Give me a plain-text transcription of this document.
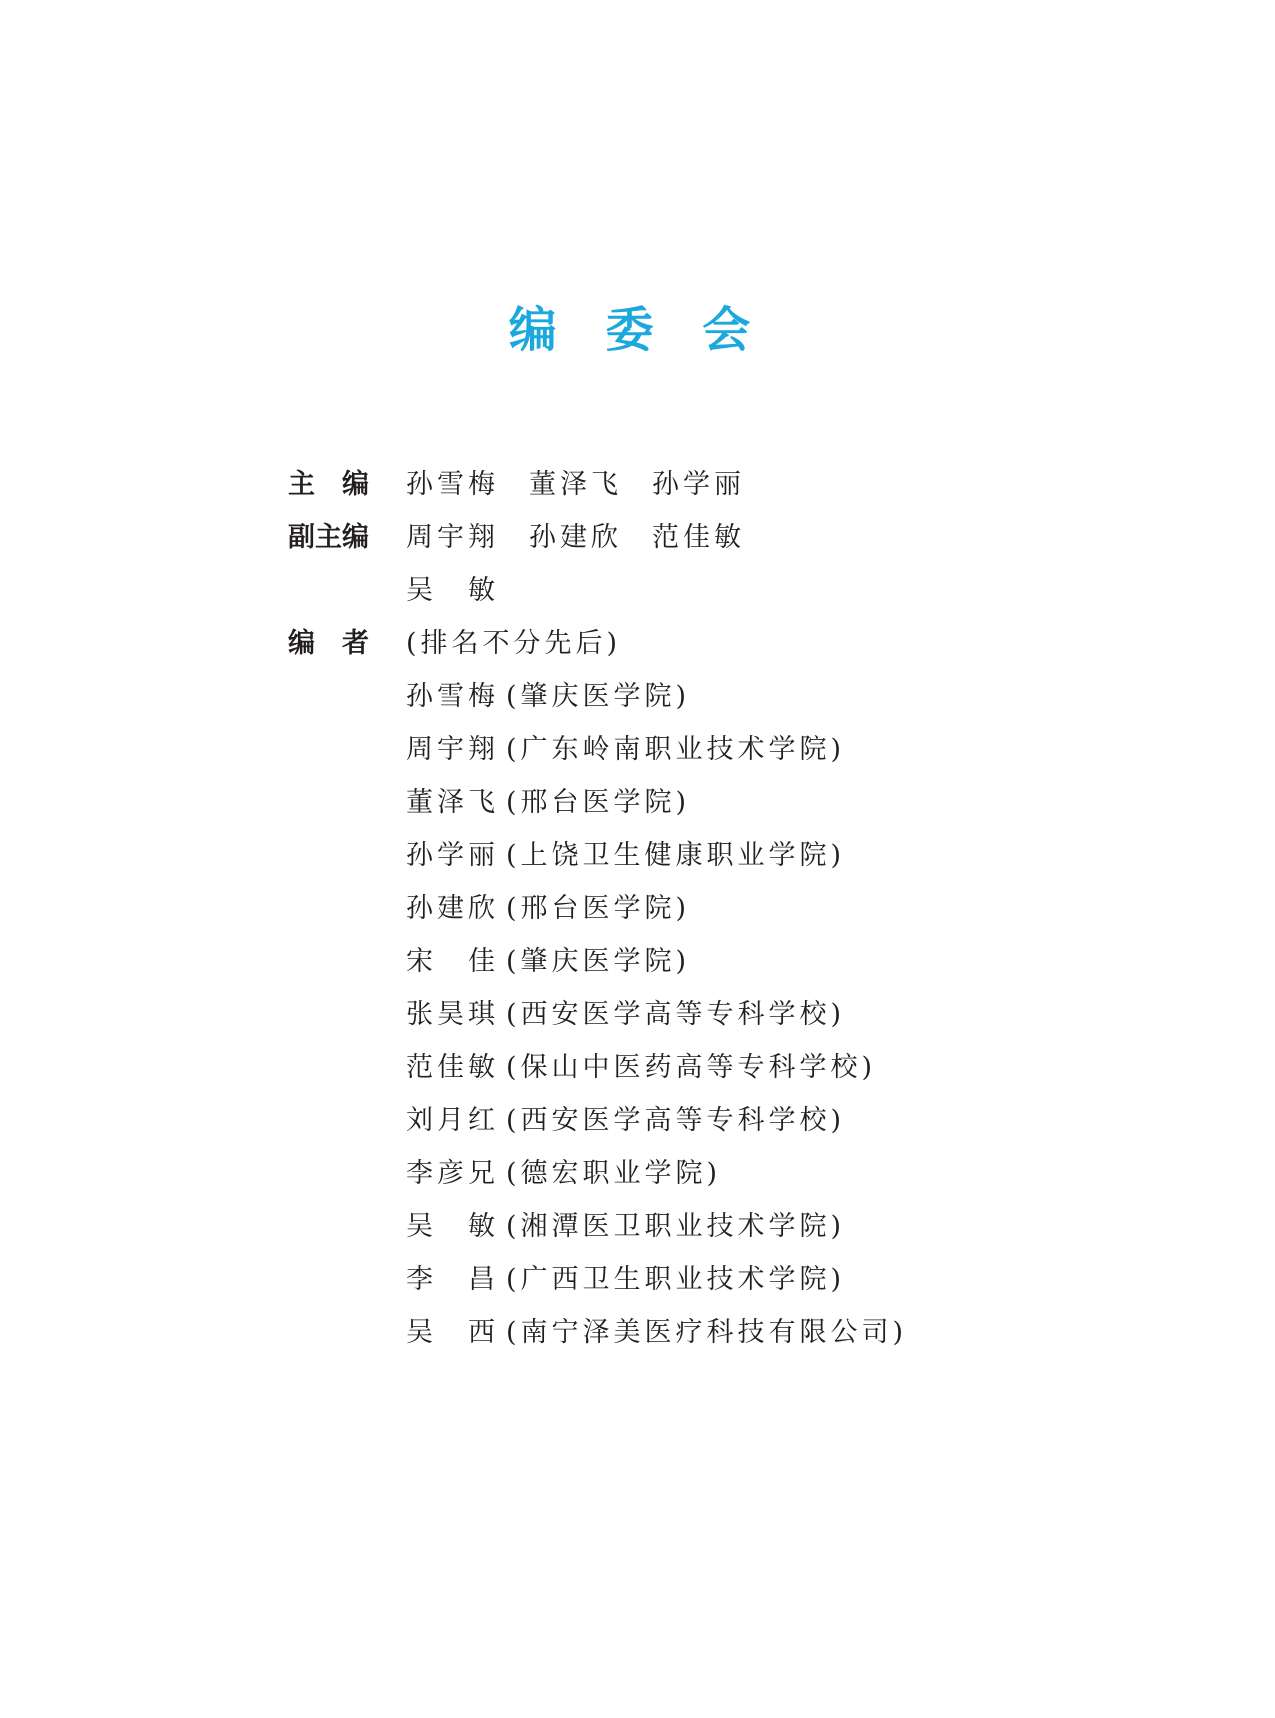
编 委 会
主　编	孙雪梅 董泽飞 孙学丽
副主编	周宇翔 孙建欣 范佳敏
吴　敏
编　者	(排名不分先后)
孙雪梅 (肇庆医学院)
周宇翔 (广东岭南职业技术学院)
董泽飞 (邢台医学院)
孙学丽 (上饶卫生健康职业学院)
孙建欣 (邢台医学院)
宋　佳 (肇庆医学院)
张昊琪 (西安医学高等专科学校)
范佳敏 (保山中医药高等专科学校)
刘月红 (西安医学高等专科学校)
李彦兄 (德宏职业学院)
吴　敏 (湘潭医卫职业技术学院)
李　昌 (广西卫生职业技术学院)
吴　西 (南宁泽美医疗科技有限公司)
